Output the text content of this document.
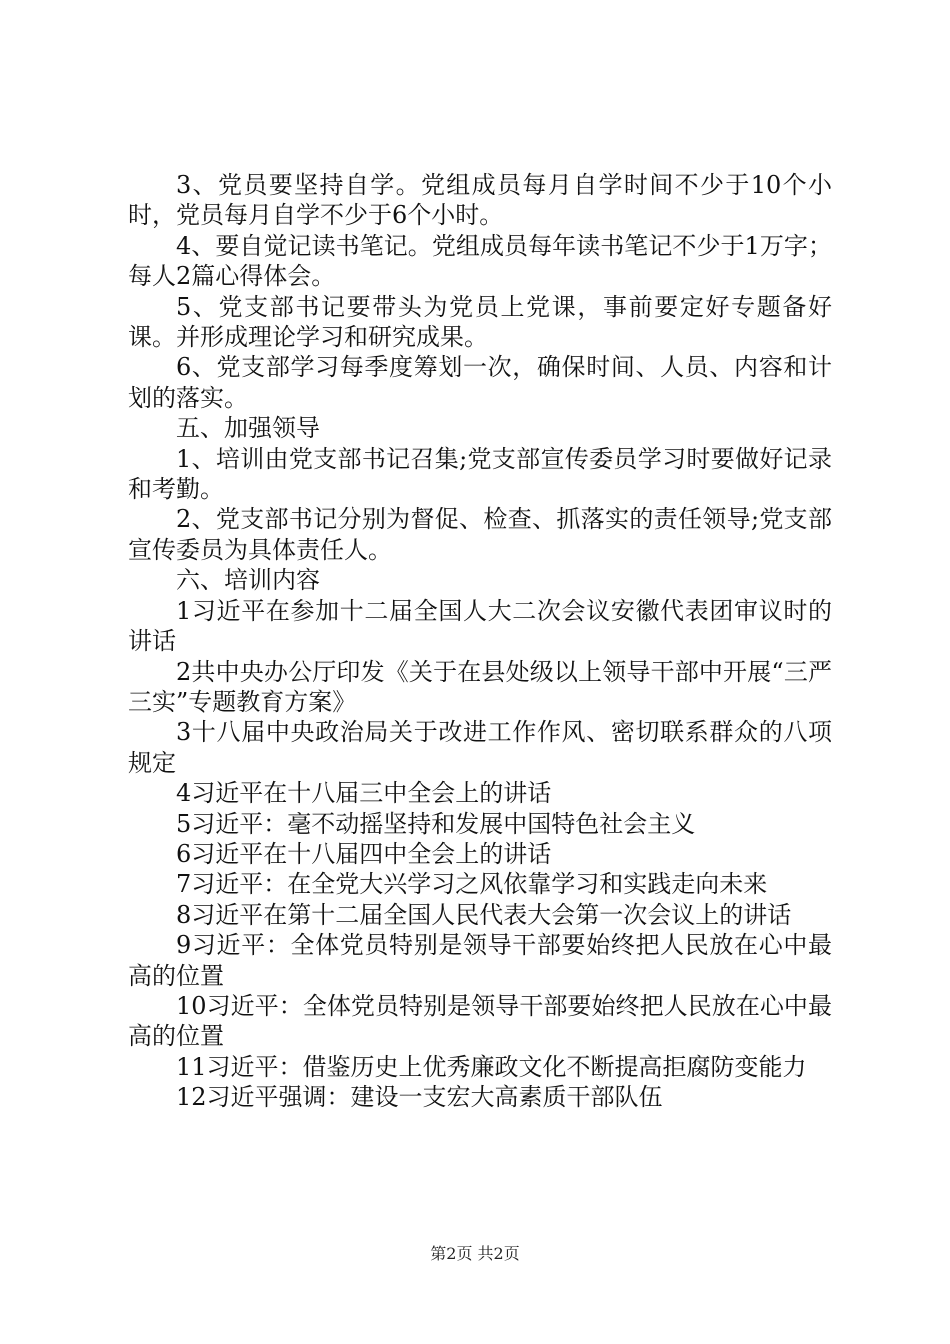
3、党员要坚持自学。党组成员每月自学时间不少于10个小时，党员每月自学不少于6个小时。

4、要自觉记读书笔记。党组成员每年读书笔记不少于1万字；每人2篇心得体会。

5、党支部书记要带头为党员上党课，事前要定好专题备好课。并形成理论学习和研究成果。

6、党支部学习每季度筹划一次，确保时间、人员、内容和计划的落实。

五、加强领导

1、培训由党支部书记召集;党支部宣传委员学习时要做好记录和考勤。

2、党支部书记分别为督促、检查、抓落实的责任领导;党支部宣传委员为具体责任人。

六、培训内容

1习近平在参加十二届全国人大二次会议安徽代表团审议时的讲话

2共中央办公厅印发《关于在县处级以上领导干部中开展“三严三实”专题教育方案》

3十八届中央政治局关于改进工作作风、密切联系群众的八项规定

4习近平在十八届三中全会上的讲话

5习近平：毫不动摇坚持和发展中国特色社会主义

6习近平在十八届四中全会上的讲话

7习近平：在全党大兴学习之风依靠学习和实践走向未来

8习近平在第十二届全国人民代表大会第一次会议上的讲话

9习近平：全体党员特别是领导干部要始终把人民放在心中最高的位置

10习近平：全体党员特别是领导干部要始终把人民放在心中最高的位置

11习近平：借鉴历史上优秀廉政文化不断提高拒腐防变能力

12习近平强调：建设一支宏大高素质干部队伍

第2页 共2页
